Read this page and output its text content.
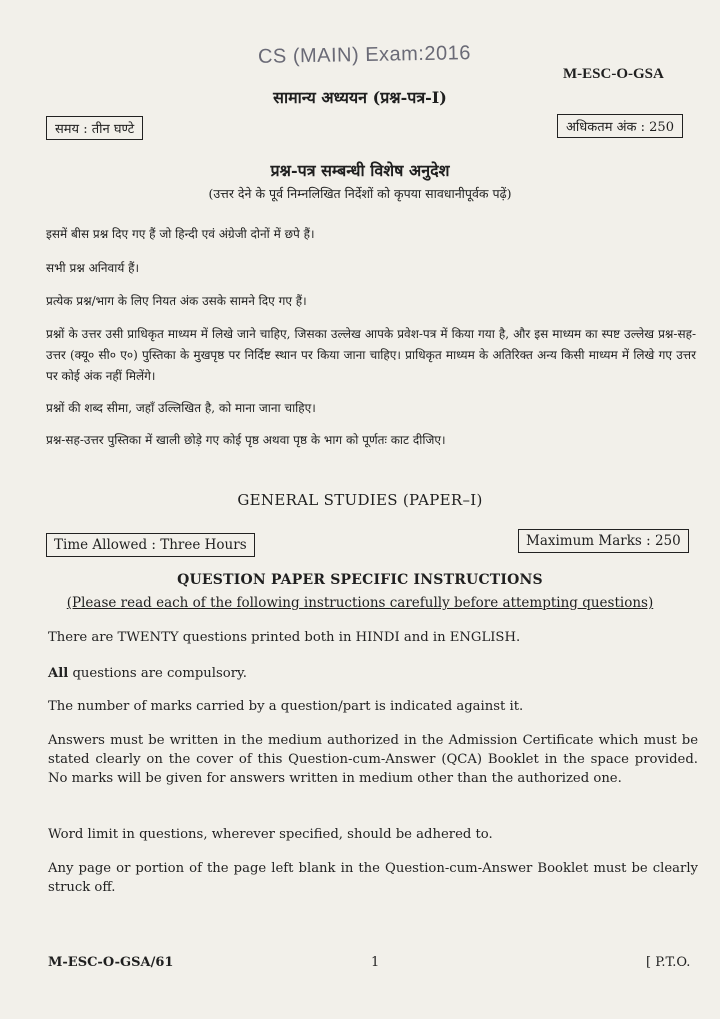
CS (MAIN) Exam:2016
M-ESC-O-GSA
सामान्य अध्ययन (प्रश्न-पत्र-I)
समय : तीन घण्टे	अधिकतम अंक : 250
प्रश्न-पत्र सम्बन्धी विशेष अनुदेश
(उत्तर देने के पूर्व निम्नलिखित निर्देशों को कृपया सावधानीपूर्वक पढ़ें)
इसमें बीस प्रश्न दिए गए हैं जो हिन्दी एवं अंग्रेजी दोनों में छपे हैं।
सभी प्रश्न अनिवार्य हैं।
प्रत्येक प्रश्न/भाग के लिए नियत अंक उसके सामने दिए गए हैं।
प्रश्नों के उत्तर उसी प्राधिकृत माध्यम में लिखे जाने चाहिए, जिसका उल्लेख आपके प्रवेश-पत्र में किया गया है, और इस माध्यम का स्पष्ट उल्लेख प्रश्न-सह-उत्तर (क्यू० सी० ए०) पुस्तिका के मुखपृष्ठ पर निर्दिष्ट स्थान पर किया जाना चाहिए। प्राधिकृत माध्यम के अतिरिक्त अन्य किसी माध्यम में लिखे गए उत्तर पर कोई अंक नहीं मिलेंगे।
प्रश्नों की शब्द सीमा, जहाँ उल्लिखित है, को माना जाना चाहिए।
प्रश्न-सह-उत्तर पुस्तिका में खाली छोड़े गए कोई पृष्ठ अथवा पृष्ठ के भाग को पूर्णतः काट दीजिए।
GENERAL STUDIES (PAPER–I)
Time Allowed : Three Hours	Maximum Marks : 250
QUESTION PAPER SPECIFIC INSTRUCTIONS
(Please read each of the following instructions carefully before attempting questions)
There are TWENTY questions printed both in HINDI and in ENGLISH.
All questions are compulsory.
The number of marks carried by a question/part is indicated against it.
Answers must be written in the medium authorized in the Admission Certificate which must be stated clearly on the cover of this Question-cum-Answer (QCA) Booklet in the space provided. No marks will be given for answers written in medium other than the authorized one.
Word limit in questions, wherever specified, should be adhered to.
Any page or portion of the page left blank in the Question-cum-Answer Booklet must be clearly struck off.
M-ESC-O-GSA/61	1	[ P.T.O.
